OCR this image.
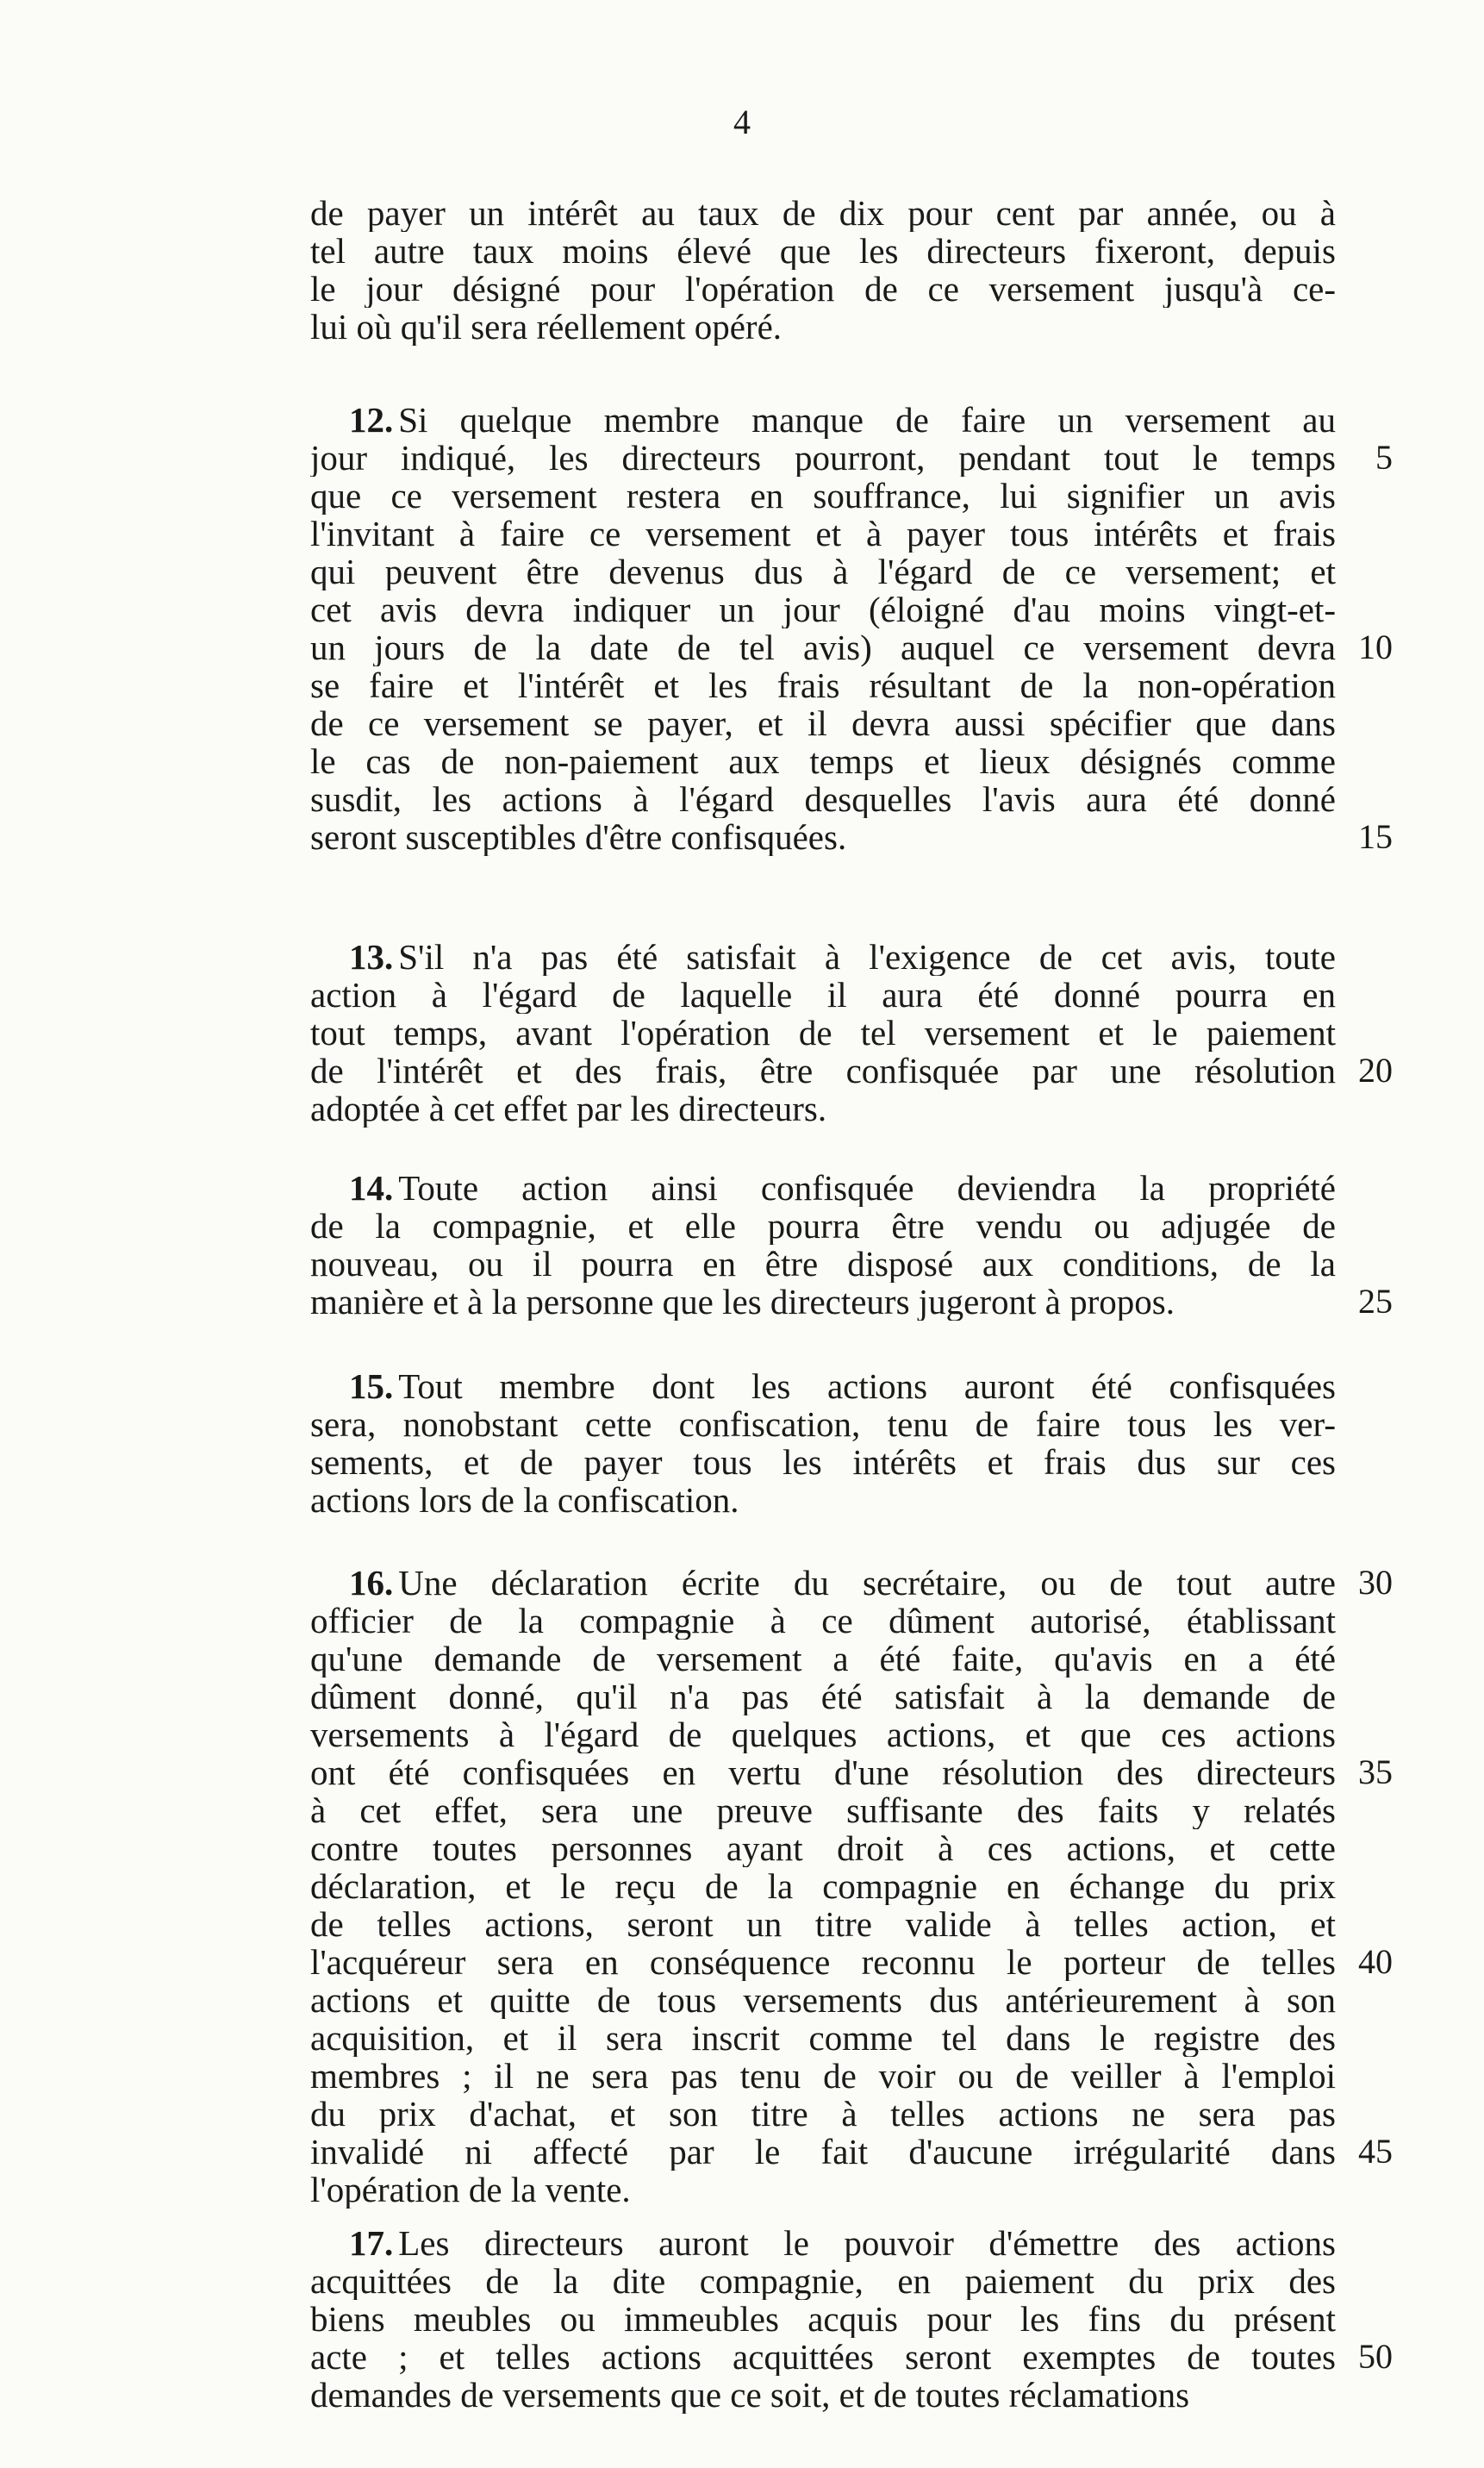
4
de payer un intérêt au taux de dix pour cent par année, ou à
tel autre taux moins élevé que les directeurs fixeront, depuis
le jour désigné pour l'opération de ce versement jusqu'à ce-
lui où qu'il sera réellement opéré.
12. Si quelque membre manque de faire un versement au
jour indiqué, les directeurs pourront, pendant tout le temps
que ce versement restera en souffrance, lui signifier un avis
l'invitant à faire ce versement et à payer tous intérêts et frais
qui peuvent être devenus dus à l'égard de ce versement; et
cet avis devra indiquer un jour (éloigné d'au moins vingt-et-
un jours de la date de tel avis) auquel ce versement devra
se faire et l'intérêt et les frais résultant de la non-opération
de ce versement se payer, et il devra aussi spécifier que dans
le cas de non-paiement aux temps et lieux désignés comme
susdit, les actions à l'égard desquelles l'avis aura été donné
seront susceptibles d'être confisquées.
13. S'il n'a pas été satisfait à l'exigence de cet avis, toute
action à l'égard de laquelle il aura été donné pourra en
tout temps, avant l'opération de tel versement et le paiement
de l'intérêt et des frais, être confisquée par une résolution
adoptée à cet effet par les directeurs.
14. Toute action ainsi confisquée deviendra la propriété
de la compagnie, et elle pourra être vendu ou adjugée de
nouveau, ou il pourra en être disposé aux conditions, de la
manière et à la personne que les directeurs jugeront à propos.
15. Tout membre dont les actions auront été confisquées
sera, nonobstant cette confiscation, tenu de faire tous les ver-
sements, et de payer tous les intérêts et frais dus sur ces
actions lors de la confiscation.
16. Une déclaration écrite du secrétaire, ou de tout autre
officier de la compagnie à ce dûment autorisé, établissant
qu'une demande de versement a été faite, qu'avis en a été
dûment donné, qu'il n'a pas été satisfait à la demande de
versements à l'égard de quelques actions, et que ces actions
ont été confisquées en vertu d'une résolution des directeurs
à cet effet, sera une preuve suffisante des faits y relatés
contre toutes personnes ayant droit à ces actions, et cette
déclaration, et le reçu de la compagnie en échange du prix
de telles actions, seront un titre valide à telles action, et
l'acquéreur sera en conséquence reconnu le porteur de telles
actions et quitte de tous versements dus antérieurement à son
acquisition, et il sera inscrit comme tel dans le registre des
membres ; il ne sera pas tenu de voir ou de veiller à l'emploi
du prix d'achat, et son titre à telles actions ne sera pas
invalidé ni affecté par le fait d'aucune irrégularité dans
l'opération de la vente.
17. Les directeurs auront le pouvoir d'émettre des actions
acquittées de la dite compagnie, en paiement du prix des
biens meubles ou immeubles acquis pour les fins du présent
acte ; et telles actions acquittées seront exemptes de toutes
demandes de versements que ce soit, et de toutes réclamations
5
10
15
20
25
30
35
40
45
50
